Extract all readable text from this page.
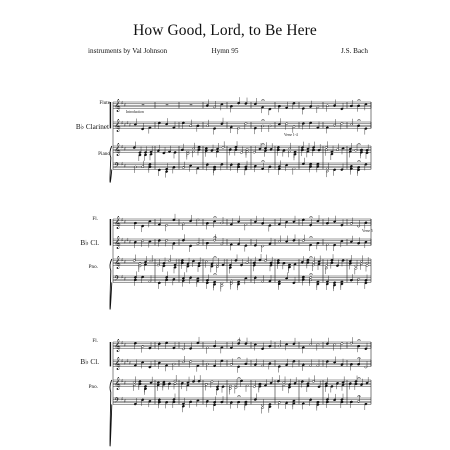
How Good, Lord, to Be Here
instruments by Val Johnson	Hymn 95	J.S. Bach
Flute
B♭ Clarinet
Piano
Introduction
Verse 1-4
Fl.
B♭ Cl.
Pno.
Verse 5
Fl.
B♭ Cl.
Pno.
𝄞 ♯ ♯
𝄞 ♯ ♯ ♯ ♯
𝄞 ♯ ♯
𝄢 ♯ ♯
𝄞 ♯ ♯
𝄞 ♯ ♯ ♯ ♯
𝄞 ♯ ♯
𝄢 ♯ ♯
𝄞 ♯ ♯
𝄞 ♯ ♯ ♯ ♯
𝄞 ♯ ♯
𝄢 ♯ ♯
